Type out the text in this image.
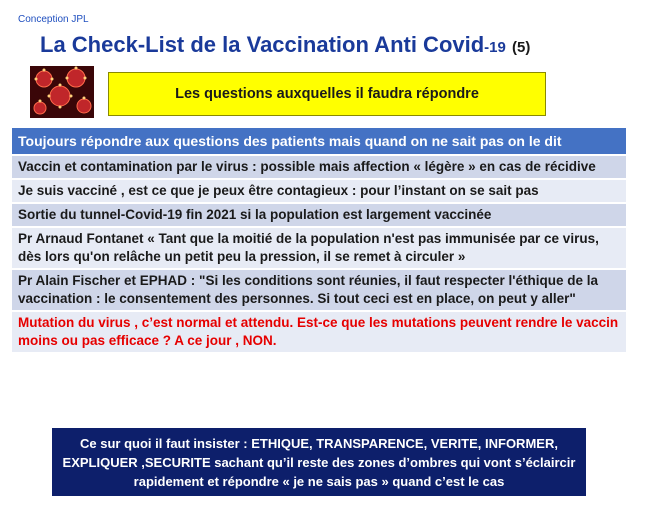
Conception JPL
La Check-List de la Vaccination Anti Covid-19 (5)
Les questions auxquelles il faudra répondre
Toujours répondre aux questions des patients mais quand on ne sait pas on le dit
Vaccin et contamination par le virus : possible mais affection « légère » en cas de récidive
Je suis vacciné , est ce que je peux être contagieux : pour l’instant on se sait pas
Sortie du tunnel-Covid-19 fin 2021 si la population est largement vaccinée
Pr Arnaud Fontanet « Tant que la moitié de la population n'est pas immunisée par ce virus, dès lors qu'on relâche un petit peu la pression, il se remet à circuler »
Pr Alain Fischer et EPHAD : "Si les conditions sont réunies, il faut respecter l'éthique de la vaccination : le consentement des personnes. Si tout ceci est en place, on peut y aller"
Mutation du virus , c’est normal et attendu. Est-ce que les mutations peuvent rendre le vaccin moins ou pas efficace ? A ce jour , NON.
Ce sur quoi il faut insister : ETHIQUE, TRANSPARENCE, VERITE, INFORMER, EXPLIQUER ,SECURITE sachant qu’il reste des zones d’ombres qui vont s’éclaircir rapidement et répondre « je ne sais pas » quand c’est le cas
